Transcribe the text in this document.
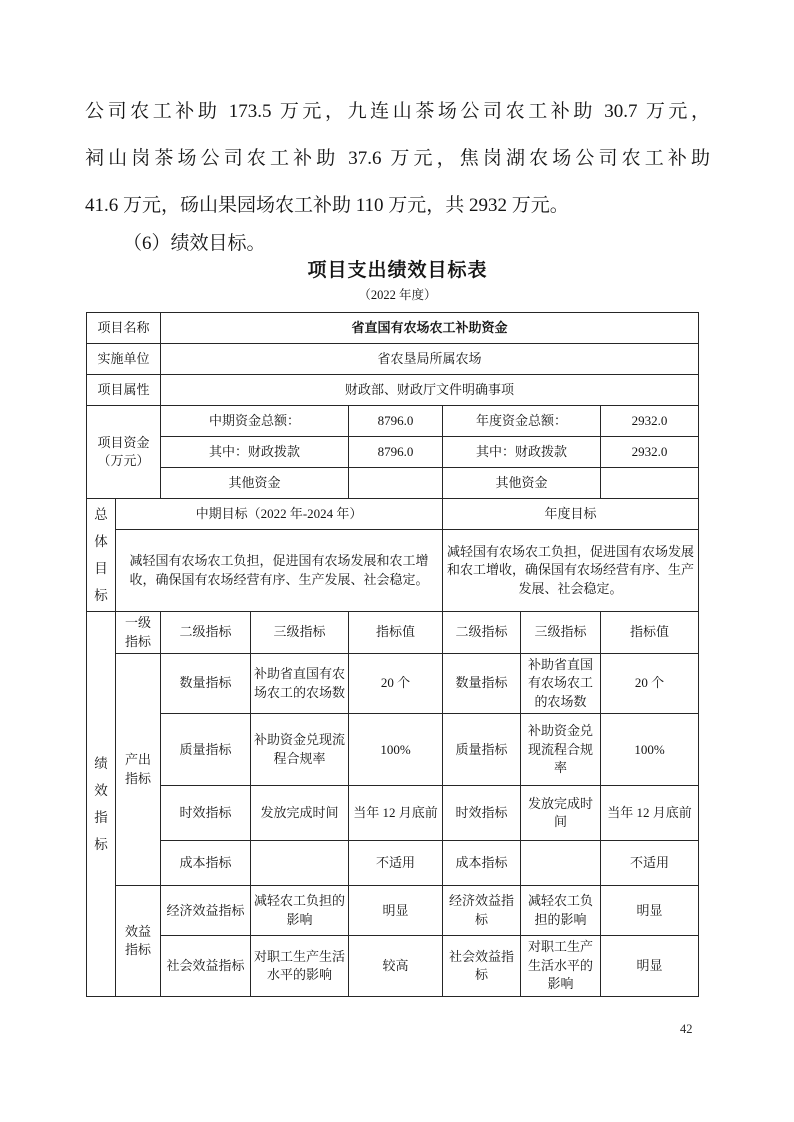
公司农工补助 173.5 万元，九连山茶场公司农工补助 30.7 万元，
祠山岗茶场公司农工补助 37.6 万元，焦岗湖农场公司农工补助
41.6 万元，砀山果园场农工补助 110 万元，共 2932 万元。
（6）绩效目标。
项目支出绩效目标表
（2022 年度）
项目名称		省直国有农场农工补助资金					
实施单位		省农垦局所属农场					
项目属性		财政部、财政厅文件明确事项					
项目资金（万元）		中期资金总额：		8796.0	年度资金总额：		2932.0
		其中：财政拨款		8796.0	其中：财政拨款		2932.0
		其他资金			其他资金		

总体目标	中期目标（2022 年-2024 年）				年度目标		
	减轻国有农场农工负担，促进国有农场发展和农工增收，确保国有农场经营有序、生产发展、社会稳定。				减轻国有农场农工负担，促进国有农场发展和农工增收，确保国有农场经营有序、生产发展、社会稳定。		

绩效指标	一级指标	二级指标	三级指标	指标值	二级指标	三级指标	指标值
	产出指标	数量指标	补助省直国有农场农工的农场数	20 个	数量指标	补助省直国有农场农工的农场数	20 个
		质量指标	补助资金兑现流程合规率	100%	质量指标	补助资金兑现流程合规率	100%
		时效指标	发放完成时间	当年 12 月底前	时效指标	发放完成时间	当年 12 月底前
		成本指标		不适用	成本指标		不适用
	效益指标	经济效益指标	减轻农工负担的影响	明显	经济效益指标	减轻农工负担的影响	明显
		社会效益指标	对职工生产生活水平的影响	较高	社会效益指标	对职工生产生活水平的影响	明显
42
